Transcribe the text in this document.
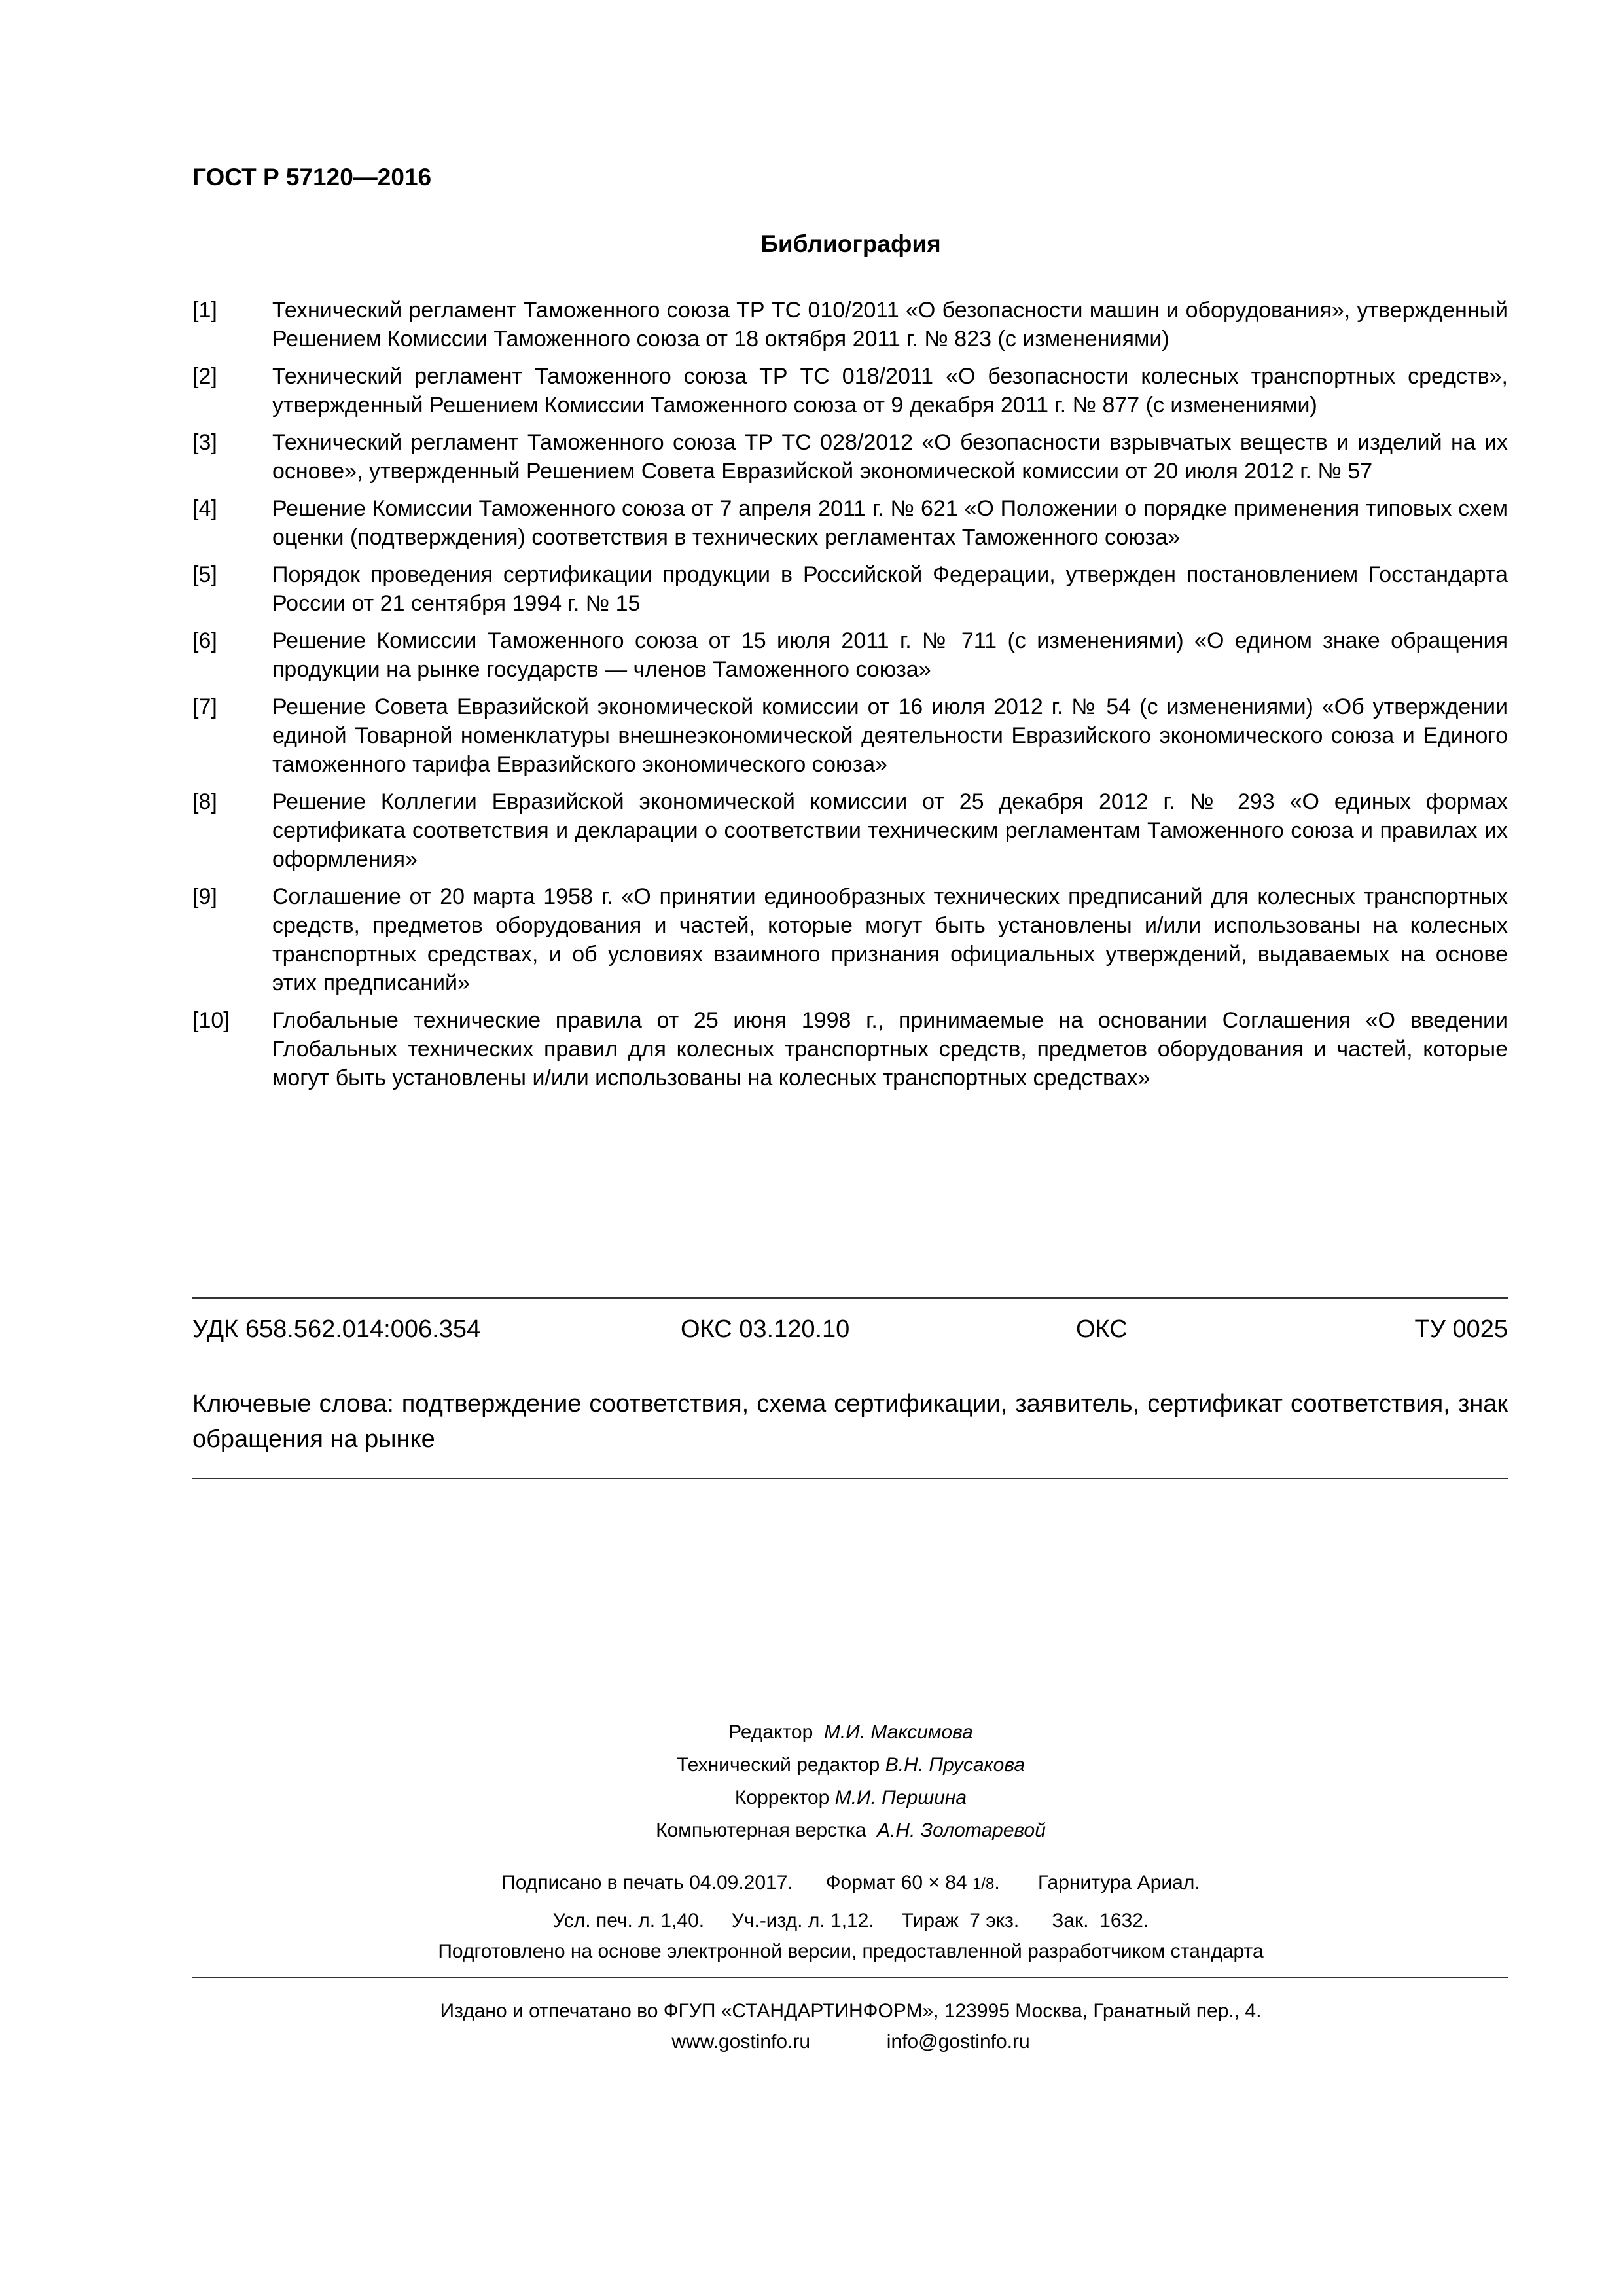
ГОСТ Р 57120—2016
Библиография
[1]	Технический регламент Таможенного союза ТР ТС 010/2011 «О безопасности машин и оборудования», утвержденный Решением Комиссии Таможенного союза от 18 октября 2011 г. № 823 (с изменениями)
[2]	Технический регламент Таможенного союза ТР ТС 018/2011 «О безопасности колесных транспортных средств», утвержденный Решением Комиссии Таможенного союза от 9 декабря 2011 г. № 877 (с изменениями)
[3]	Технический регламент Таможенного союза ТР ТС 028/2012 «О безопасности взрывчатых веществ и изделий на их основе», утвержденный Решением Совета Евразийской экономической комиссии от 20 июля 2012 г. № 57
[4]	Решение Комиссии Таможенного союза от 7 апреля 2011 г. № 621 «О Положении о порядке применения типовых схем оценки (подтверждения) соответствия в технических регламентах Таможенного союза»
[5]	Порядок проведения сертификации продукции в Российской Федерации, утвержден постановлением Госстандарта России от 21 сентября 1994 г. № 15
[6]	Решение Комиссии Таможенного союза от 15 июля 2011 г. № 711 (с изменениями) «О едином знаке обращения продукции на рынке государств — членов Таможенного союза»
[7]	Решение Совета Евразийской экономической комиссии от 16 июля 2012 г. № 54 (с изменениями) «Об утверждении единой Товарной номенклатуры внешнеэкономической деятельности Евразийского экономического союза и Единого таможенного тарифа Евразийского экономического союза»
[8]	Решение Коллегии Евразийской экономической комиссии от 25 декабря 2012 г. № 293 «О единых формах сертификата соответствия и декларации о соответствии техническим регламентам Таможенного союза и правилах их оформления»
[9]	Соглашение от 20 марта 1958 г. «О принятии единообразных технических предписаний для колесных транспортных средств, предметов оборудования и частей, которые могут быть установлены и/или использованы на колесных транспортных средствах, и об условиях взаимного признания официальных утверждений, выдаваемых на основе этих предписаний»
[10]	Глобальные технические правила от 25 июня 1998 г., принимаемые на основании Соглашения «О введении Глобальных технических правил для колесных транспортных средств, предметов оборудования и частей, которые могут быть установлены и/или использованы на колесных транспортных средствах»
УДК 658.562.014:006.354	ОКС 03.120.10	ОКС	ТУ 0025
Ключевые слова: подтверждение соответствия, схема сертификации, заявитель, сертификат соответствия, знак обращения на рынке
Редактор М.И. Максимова
Технический редактор В.Н. Прусакова
Корректор М.И. Першина
Компьютерная верстка А.Н. Золотаревой
Подписано в печать 04.09.2017. Формат 60 × 84 1/8.       Гарнитура Ариал.
Усл. печ. л. 1,40. Уч.-изд. л. 1,12. Тираж  7 экз. Зак.  1632.
Подготовлено на основе электронной версии, предоставленной разработчиком стандарта
Издано и отпечатано во ФГУП «СТАНДАРТИНФОРМ», 123995 Москва, Гранатный пер., 4.
www.gostinfo.ru	info@gostinfo.ru
